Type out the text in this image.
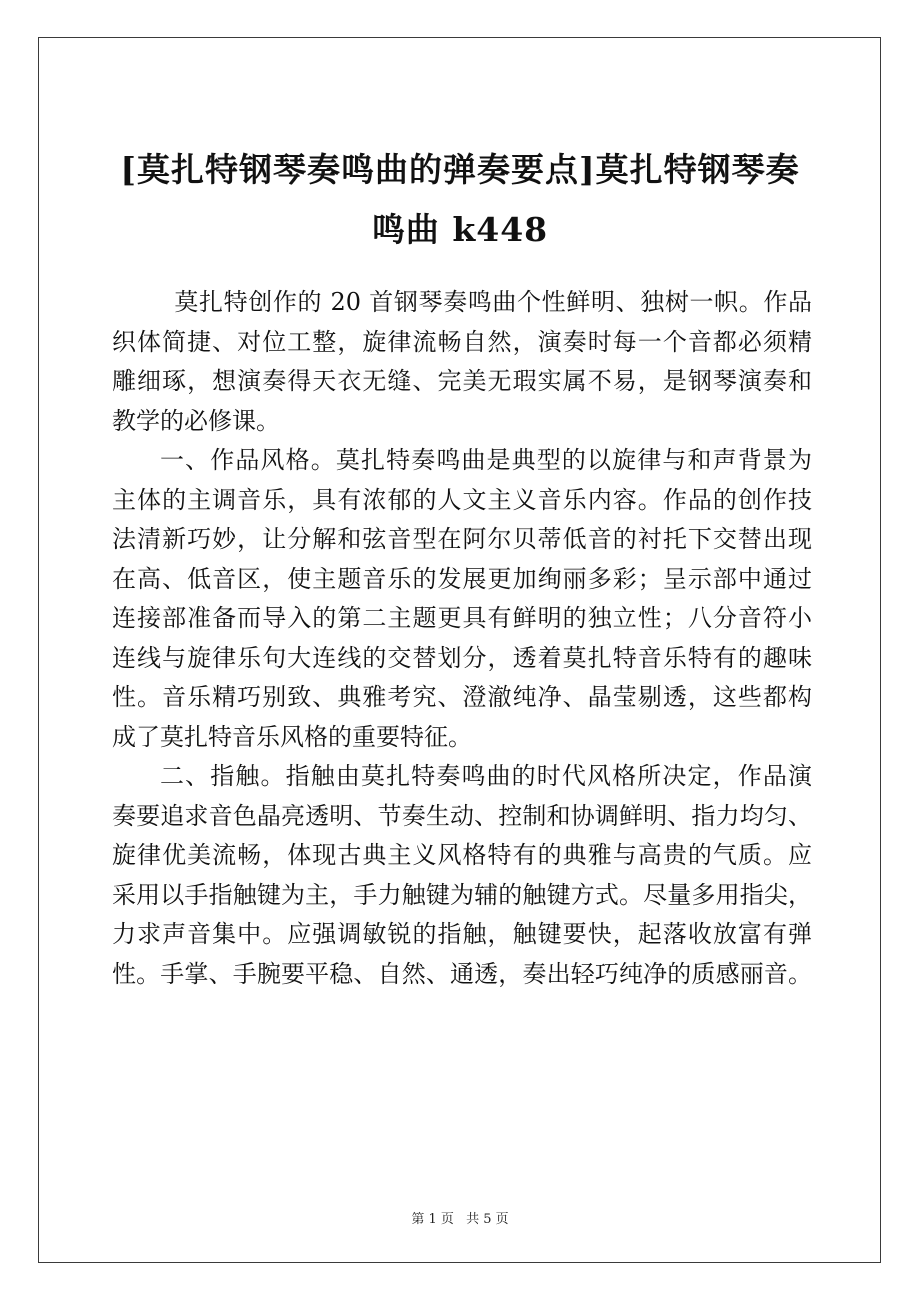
[莫扎特钢琴奏鸣曲的弹奏要点]莫扎特钢琴奏
鸣曲 k448

莫扎特创作的 20 首钢琴奏鸣曲个性鲜明、独树一帜。作品
织体简捷、对位工整，旋律流畅自然，演奏时每一个音都必须精
雕细琢，想演奏得天衣无缝、完美无瑕实属不易，是钢琴演奏和
教学的必修课。

一、作品风格。莫扎特奏鸣曲是典型的以旋律与和声背景为
主体的主调音乐，具有浓郁的人文主义音乐内容。作品的创作技
法清新巧妙，让分解和弦音型在阿尔贝蒂低音的衬托下交替出现
在高、低音区，使主题音乐的发展更加绚丽多彩；呈示部中通过
连接部准备而导入的第二主题更具有鲜明的独立性；八分音符小
连线与旋律乐句大连线的交替划分，透着莫扎特音乐特有的趣味
性。音乐精巧别致、典雅考究、澄澈纯净、晶莹剔透，这些都构
成了莫扎特音乐风格的重要特征。

二、指触。指触由莫扎特奏鸣曲的时代风格所决定，作品演
奏要追求音色晶亮透明、节奏生动、控制和协调鲜明、指力均匀、
旋律优美流畅，体现古典主义风格特有的典雅与高贵的气质。应
采用以手指触键为主，手力触键为辅的触键方式。尽量多用指尖，
力求声音集中。应强调敏锐的指触，触键要快，起落收放富有弹
性。手掌、手腕要平稳、自然、通透，奏出轻巧纯净的质感丽音。

第 1 页 共 5 页
